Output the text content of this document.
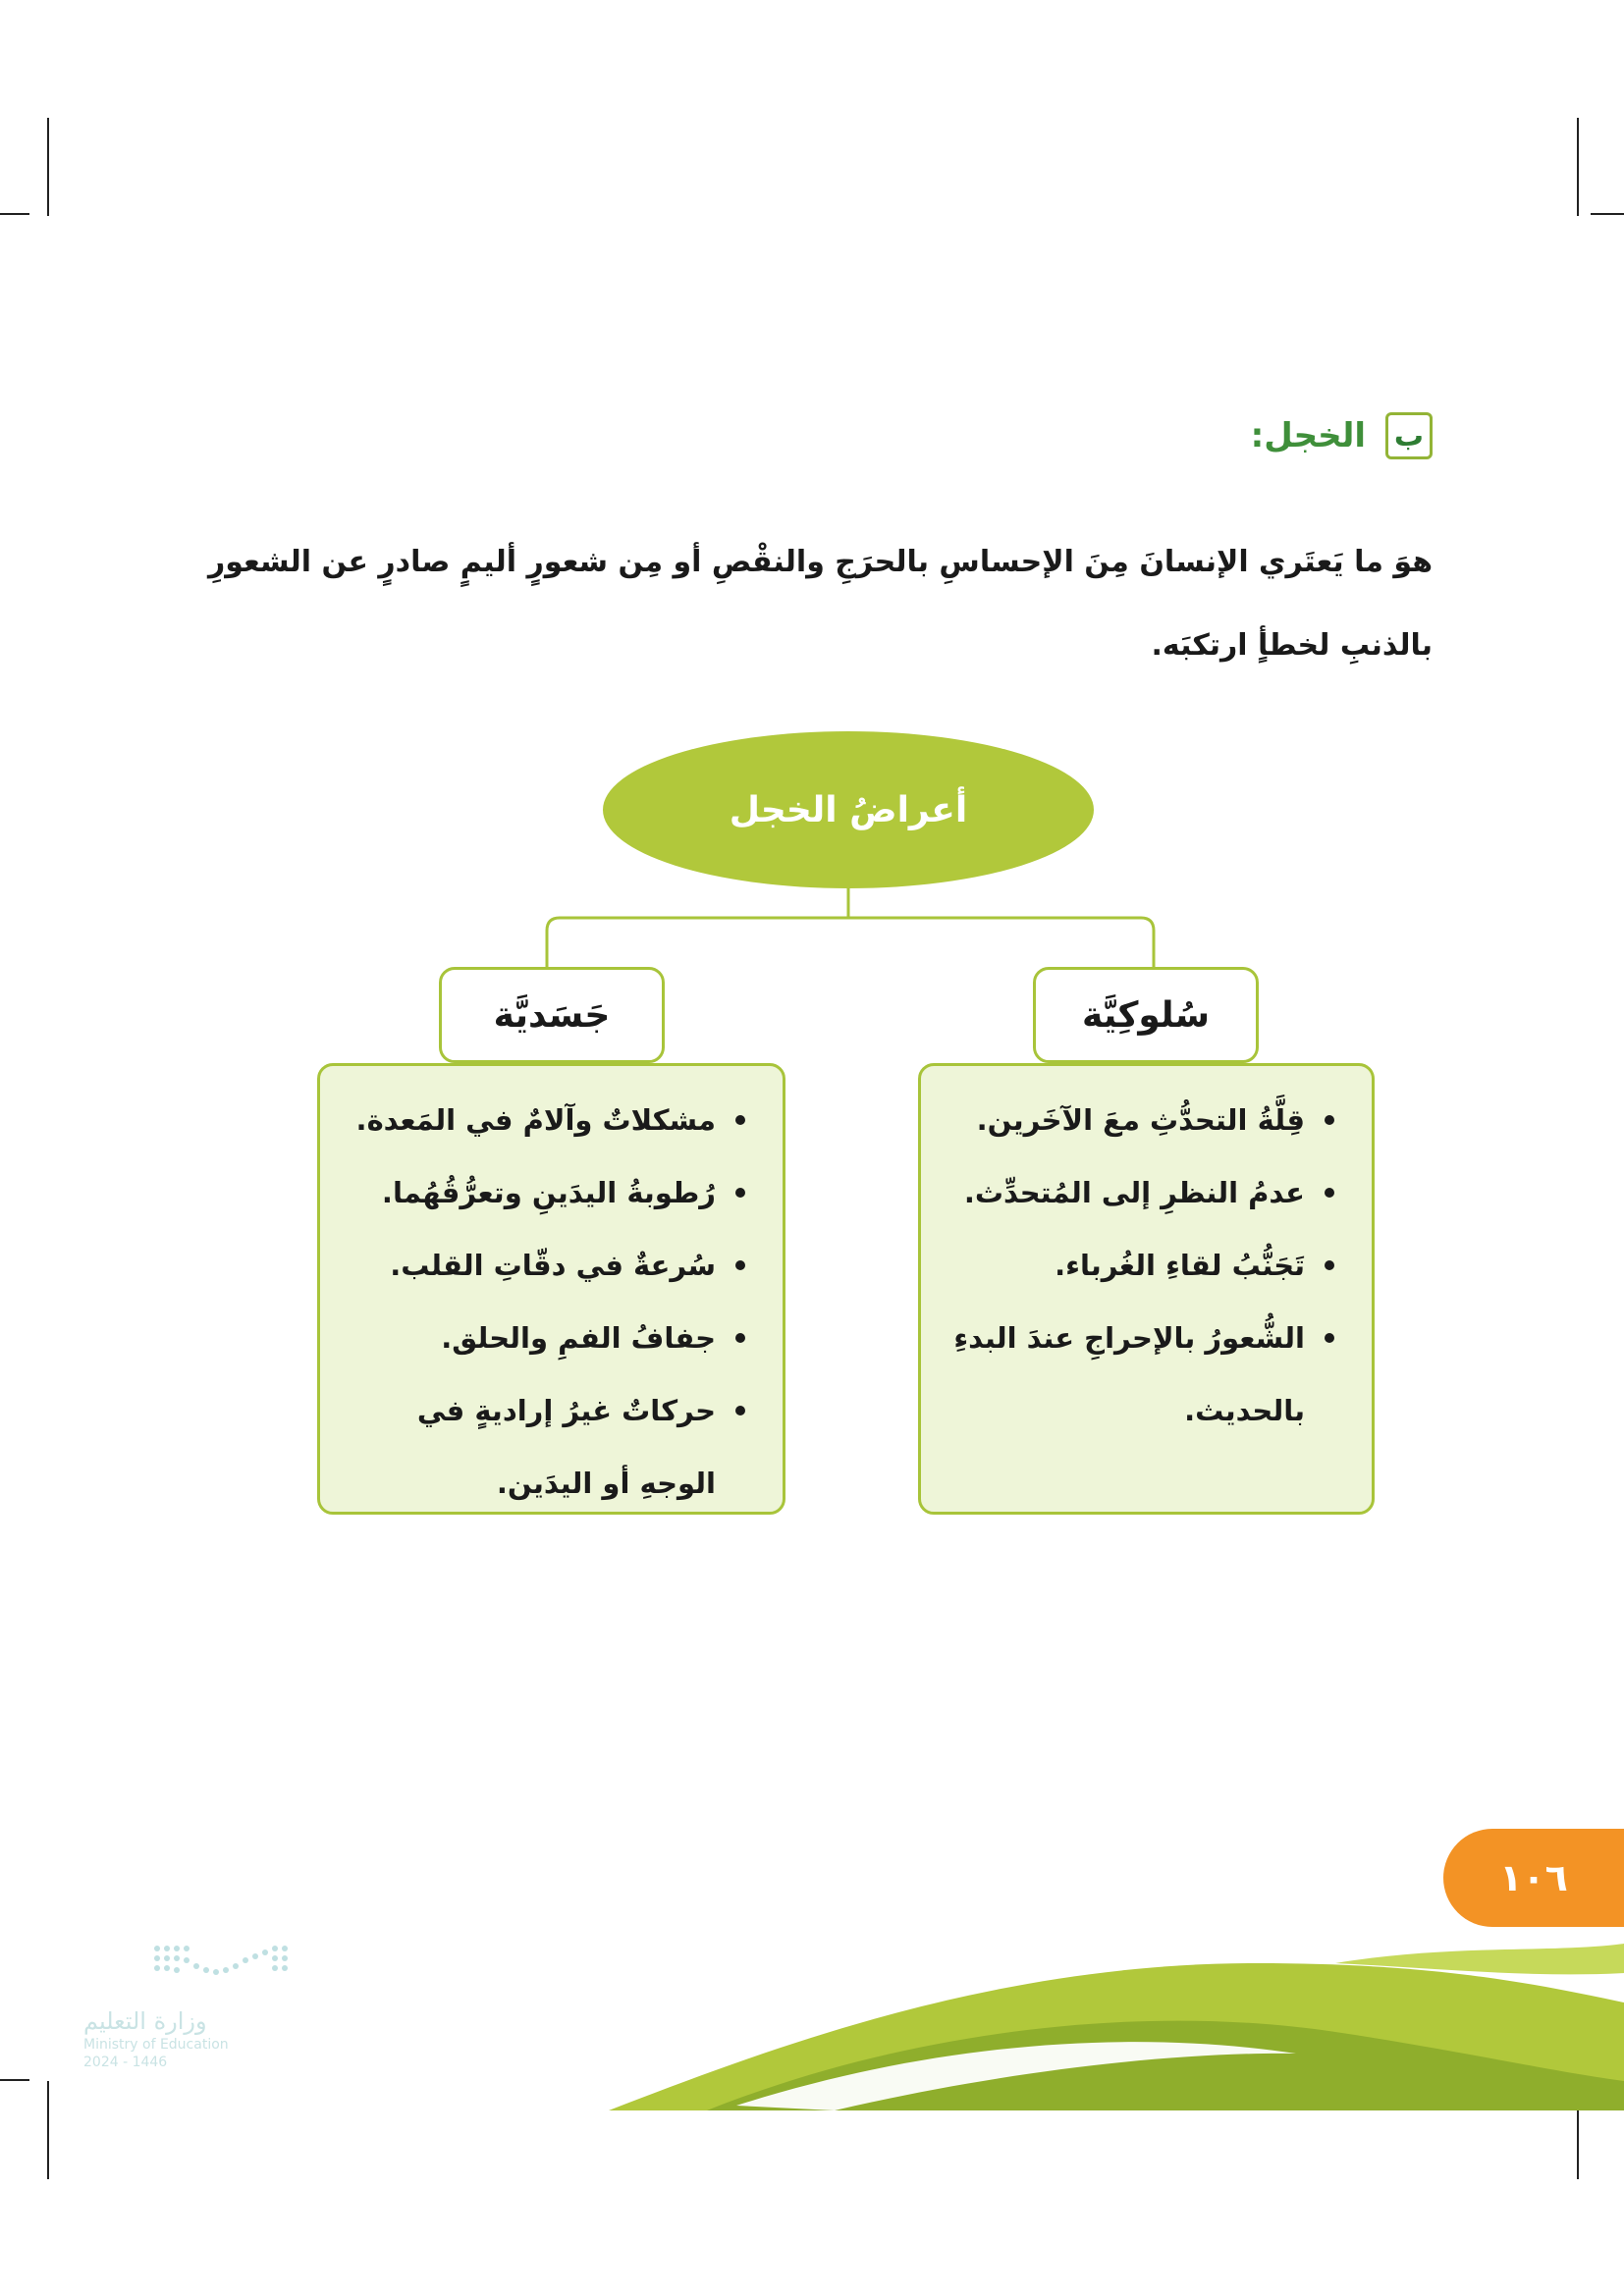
ب
الخجل:
هوَ ما يَعتَري الإنسانَ مِنَ الإحساسِ بالحرَجِ والنقْصِ أو مِن شعورٍ أليمٍ صادرٍ عن الشعورِ بالذنبِ لخطأٍ ارتكبَه.
أعراضُ الخجل
سُلوكِيَّة
قِلَّةُ التحدُّثِ معَ الآخَرين.
عدمُ النظرِ إلى المُتحدِّث.
تَجَنُّبُ لقاءِ الغُرباء.
الشُّعورُ بالإحراجِ عندَ البدءِ بالحديث.
جَسَديَّة
مشكلاتٌ وآلامٌ في المَعدة.
رُطوبةُ اليدَينِ وتعرُّقُهُما.
سُرعةٌ في دقّاتِ القلب.
جفافُ الفمِ والحلق.
حركاتٌ غيرُ إراديةٍ في الوجهِ أو اليدَين.
١٠٦
وزارة التعليم
Ministry of Education
2024 - 1446
